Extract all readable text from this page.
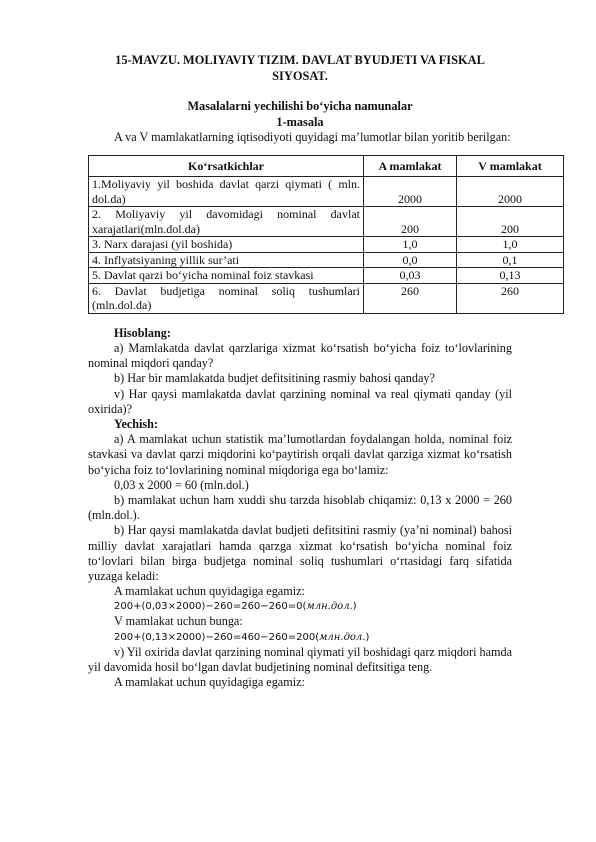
15-MAVZU. MOLIYAVIY TIZIM. DAVLAT BYUDJETI VA FISKAL SIYOSAT.

Masalalarni yechilishi bo‘yicha namunalar

1-masala

A va V mamlakatlarning iqtisodiyoti quyidagi ma’lumotlar bilan yoritib berilgan:

Ko‘rsatkichlar	A mamlakat	V mamlakat
1.Moliyaviy yil boshida davlat qarzi qiymati ( mln. dol.da)	2000	2000
2. Moliyaviy yil davomidagi nominal davlat xarajatlari(mln.dol.da)	200	200
3. Narx darajasi (yil boshida)	1,0	1,0
4. Inflyatsiyaning yillik sur’ati	0,0	0,1
5. Davlat qarzi bo‘yicha nominal foiz stavkasi	0,03	0,13
6. Davlat budjetiga nominal soliq tushumlari (mln.dol.da)	260	260

Hisoblang:

a) Mamlakatda davlat qarzlariga xizmat ko‘rsatish bo‘yicha foiz to‘lovlarining nominal miqdori qanday?

b) Har bir mamlakatda budjet defitsitining rasmiy bahosi qanday?

v) Har qaysi mamlakatda davlat qarzining nominal va real qiymati qanday (yil oxirida)?

Yechish:

a) A mamlakat uchun statistik ma’lumotlardan foydalangan holda, nominal foiz stavkasi va davlat qarzi miqdorini ko‘paytirish orqali davlat qarziga xizmat ko‘rsatish bo‘yicha foiz to‘lovlarining nominal miqdoriga ega bo‘lamiz:

0,03 x 2000 = 60 (mln.dol.)

b) mamlakat uchun ham xuddi shu tarzda hisoblab chiqamiz: 0,13 x 2000 = 260 (mln.dol.).

b) Har qaysi mamlakatda davlat budjeti defitsitini rasmiy (ya’ni nominal) bahosi milliy davlat xarajatlari hamda qarzga xizmat ko‘rsatish bo‘yicha nominal foiz to‘lovlari bilan birga budjetga nominal soliq tushumlari o‘rtasidagi farq sifatida yuzaga keladi:

A mamlakat uchun quyidagiga egamiz:

200+(0,03×2000)−260=260−260=0(млн.дол.)

V mamlakat uchun bunga:

200+(0,13×2000)−260=460−260=200(млн.дол.)

v) Yil oxirida davlat qarzining nominal qiymati yil boshidagi qarz miqdori hamda yil davomida hosil bo‘lgan davlat budjetining nominal defitsitiga teng.

A mamlakat uchun quyidagiga egamiz:
